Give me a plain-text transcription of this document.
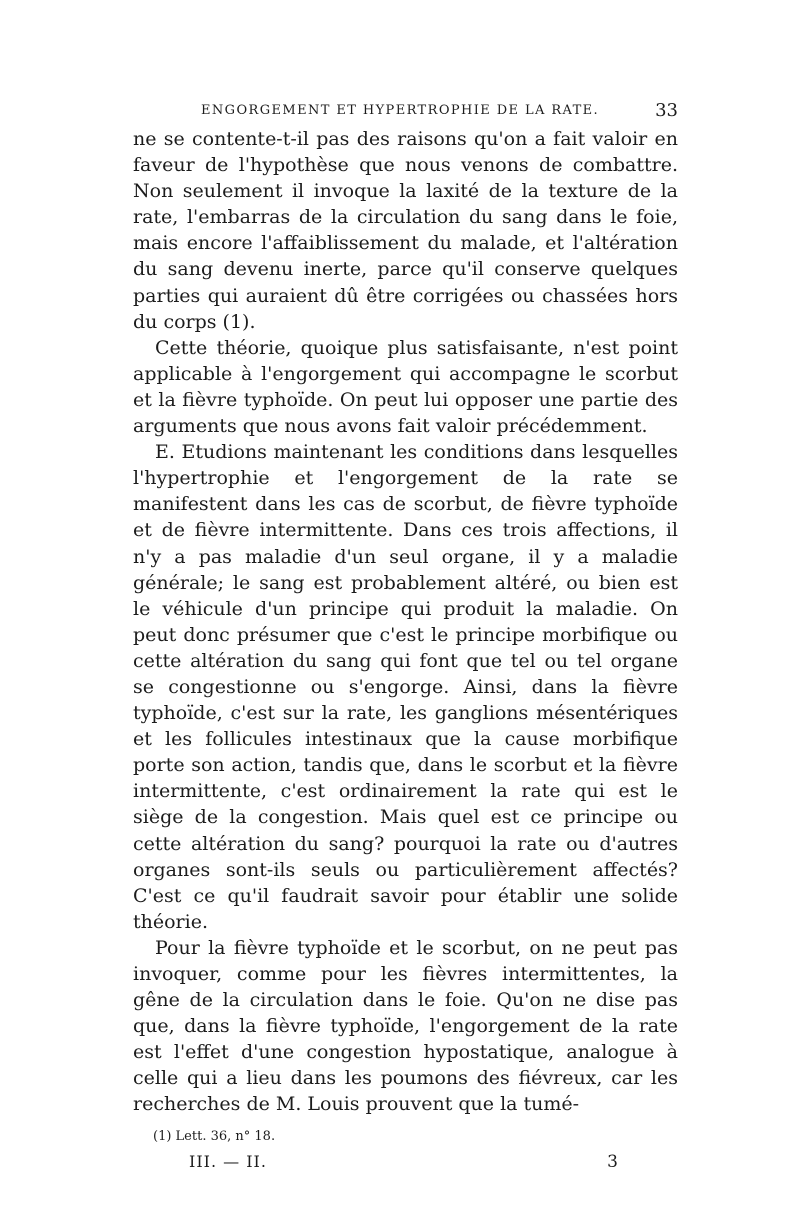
ENGORGEMENT ET HYPERTROPHIE DE LA RATE.	33

ne se contente-t-il pas des raisons qu'on a fait valoir en faveur de l'hypothèse que nous venons de combattre. Non seulement il invoque la laxité de la texture de la rate, l'embarras de la circulation du sang dans le foie, mais encore l'affaiblissement du malade, et l'altération du sang devenu inerte, parce qu'il conserve quelques parties qui auraient dû être corrigées ou chassées hors du corps (1).

Cette théorie, quoique plus satisfaisante, n'est point applicable à l'engorgement qui accompagne le scorbut et la fièvre typhoïde. On peut lui opposer une partie des arguments que nous avons fait valoir précédemment.

E. Etudions maintenant les conditions dans lesquelles l'hypertrophie et l'engorgement de la rate se manifestent dans les cas de scorbut, de fièvre typhoïde et de fièvre intermittente. Dans ces trois affections, il n'y a pas maladie d'un seul organe, il y a maladie générale; le sang est probablement altéré, ou bien est le véhicule d'un principe qui produit la maladie. On peut donc présumer que c'est le principe morbifique ou cette altération du sang qui font que tel ou tel organe se congestionne ou s'engorge. Ainsi, dans la fièvre typhoïde, c'est sur la rate, les ganglions mésentériques et les follicules intestinaux que la cause morbifique porte son action, tandis que, dans le scorbut et la fièvre intermittente, c'est ordinairement la rate qui est le siège de la congestion. Mais quel est ce principe ou cette altération du sang? pourquoi la rate ou d'autres organes sont-ils seuls ou particulièrement affectés? C'est ce qu'il faudrait savoir pour établir une solide théorie.

Pour la fièvre typhoïde et le scorbut, on ne peut pas invoquer, comme pour les fièvres intermittentes, la gêne de la circulation dans le foie. Qu'on ne dise pas que, dans la fièvre typhoïde, l'engorgement de la rate est l'effet d'une congestion hypostatique, analogue à celle qui a lieu dans les poumons des fiévreux, car les recherches de M. Louis prouvent que la tumé-

(1) Lett. 36, n° 18.
III. — II.	3
